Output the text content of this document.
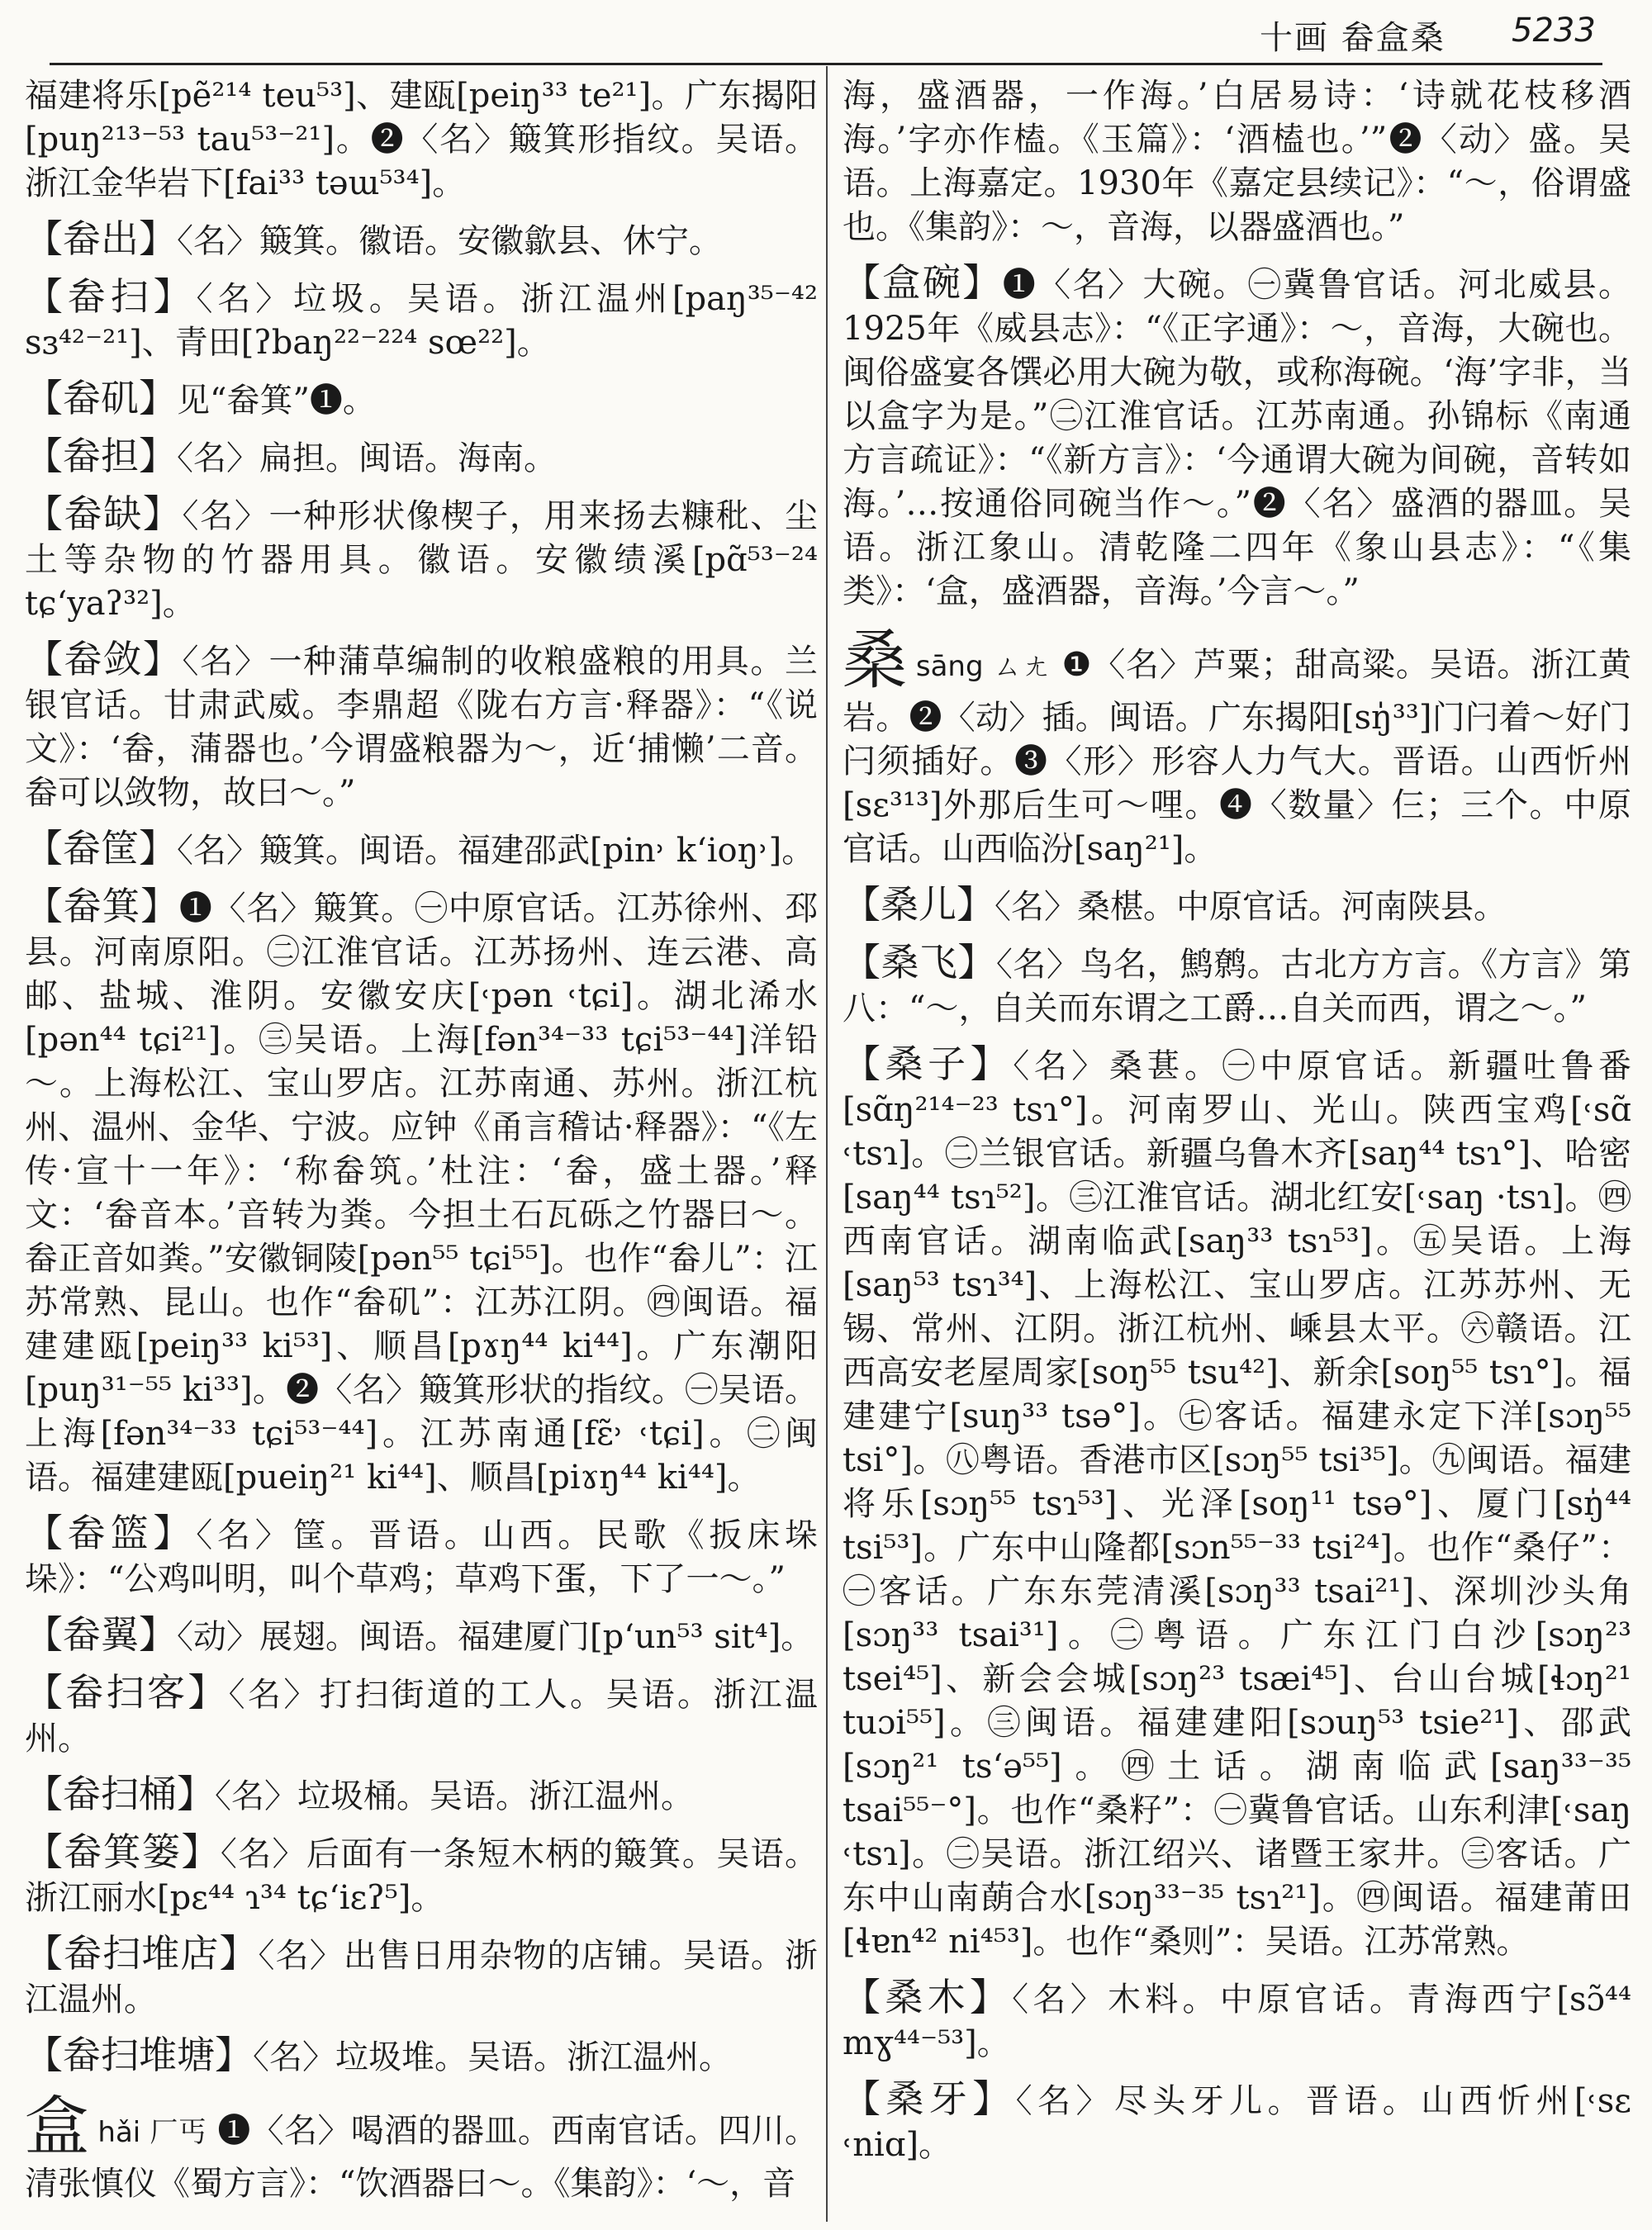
十画 畚盒桑 5233

福建将乐[pẽ²¹⁴ teu⁵³]、建瓯[peiŋ³³ te²¹]。广东揭阳[puŋ²¹³⁻⁵³ tau⁵³⁻²¹]。❷〈名〉簸箕形指纹。吴语。浙江金华岩下[fai³³ təɯ⁵³⁴]。

【畚出】〈名〉簸箕。徽语。安徽歙县、休宁。

【畚扫】〈名〉垃圾。吴语。浙江温州[paŋ³⁵⁻⁴² sɜ⁴²⁻²¹]、青田[ʔbaŋ²²⁻²²⁴ sœ²²]。

【畚矶】见“畚箕”❶。

【畚担】〈名〉扁担。闽语。海南。

【畚缺】〈名〉一种形状像楔子，用来扬去糠秕、尘土等杂物的竹器用具。徽语。安徽绩溪[pɑ̃⁵³⁻²⁴ tɕ‘yaʔ³²]。

【畚敛】〈名〉一种蒲草编制的收粮盛粮的用具。兰银官话。甘肃武威。李鼎超《陇右方言·释器》：“《说文》：‘畚，蒲器也。’今谓盛粮器为～，近‘捕懒’二音。畚可以敛物，故曰～。”

【畚筐】〈名〉簸箕。闽语。福建邵武[pin˒ k‘ioŋ˒]。

【畚箕】❶〈名〉簸箕。㊀中原官话。江苏徐州、邳县。河南原阳。㊁江淮官话。江苏扬州、连云港、高邮、盐城、淮阴。安徽安庆[˓pən ˓tɕi]。湖北浠水[pən⁴⁴ tɕi²¹]。㊂吴语。上海[fən³⁴⁻³³ tɕi⁵³⁻⁴⁴]洋铅～。上海松江、宝山罗店。江苏南通、苏州。浙江杭州、温州、金华、宁波。应钟《甬言稽诂·释器》：“《左传·宣十一年》：‘称畚筑。’杜注：‘畚，盛土器。’释文：‘畚音本。’音转为粪。今担土石瓦砾之竹器曰～。畚正音如粪。”安徽铜陵[pən⁵⁵ tɕi⁵⁵]。也作“畚儿”：江苏常熟、昆山。也作“畚矶”：江苏江阴。㊃闽语。福建建瓯[peiŋ³³ ki⁵³]、顺昌[pɤŋ⁴⁴ ki⁴⁴]。广东潮阳[puŋ³¹⁻⁵⁵ ki³³]。❷〈名〉簸箕形状的指纹。㊀吴语。上海[fən³⁴⁻³³ tɕi⁵³⁻⁴⁴]。江苏南通[fɛ̃˒ ˓tɕi]。㊁闽语。福建建瓯[pueiŋ²¹ ki⁴⁴]、顺昌[piɤŋ⁴⁴ ki⁴⁴]。

【畚篮】〈名〉筐。晋语。山西。民歌《扳床垛垛》：“公鸡叫明，叫个草鸡；草鸡下蛋，下了一～。”

【畚翼】〈动〉展翅。闽语。福建厦门[p‘un⁵³ sit⁴]。

【畚扫客】〈名〉打扫街道的工人。吴语。浙江温州。

【畚扫桶】〈名〉垃圾桶。吴语。浙江温州。

【畚箕篓】〈名〉后面有一条短木柄的簸箕。吴语。浙江丽水[pɛ⁴⁴ ɿ³⁴ tɕ‘iɛʔ⁵]。

【畚扫堆店】〈名〉出售日用杂物的店铺。吴语。浙江温州。

【畚扫堆塘】〈名〉垃圾堆。吴语。浙江温州。

盒hǎi 厂丐 ❶〈名〉喝酒的器皿。西南官话。四川。清张慎仪《蜀方言》：“饮酒器曰～。《集韵》：‘～，音

海，盛酒器，一作海。’白居易诗：‘诗就花枝移酒海。’字亦作榼。《玉篇》：‘酒榼也。’”❷〈动〉盛。吴语。上海嘉定。1930年《嘉定县续记》：“～，俗谓盛也。《集韵》：～，音海，以器盛酒也。”

【盒碗】❶〈名〉大碗。㊀冀鲁官话。河北威县。1925年《威县志》：“《正字通》：～，音海，大碗也。闽俗盛宴各馔必用大碗为敬，或称海碗。‘海’字非，当以盒字为是。”㊁江淮官话。江苏南通。孙锦标《南通方言疏证》：“《新方言》：‘今通谓大碗为间碗，音转如海。’…按通俗同碗当作～。”❷〈名〉盛酒的器皿。吴语。浙江象山。清乾隆二四年《象山县志》：“《集类》：‘盒，盛酒器，音海。’今言～。”

桑sāng ㄙㄤ ❶〈名〉芦粟；甜高粱。吴语。浙江黄岩。❷〈动〉插。闽语。广东揭阳[sŋ̍³³]门闩着～好门闩须插好。❸〈形〉形容人力气大。晋语。山西忻州[sɛ³¹³]外那后生可～哩。❹〈数量〉仨；三个。中原官话。山西临汾[saŋ²¹]。

【桑儿】〈名〉桑椹。中原官话。河南陕县。

【桑飞】〈名〉鸟名，鹪鹩。古北方方言。《方言》第八：“～，自关而东谓之工爵…自关而西，谓之～。”

【桑子】〈名〉桑葚。㊀中原官话。新疆吐鲁番[sɑ̃ŋ²¹⁴⁻²³ tsɿ°]。河南罗山、光山。陕西宝鸡[˓sɑ̃ ˓tsɿ]。㊁兰银官话。新疆乌鲁木齐[saŋ⁴⁴ tsɿ°]、哈密[saŋ⁴⁴ tsɿ⁵²]。㊂江淮官话。湖北红安[˓saŋ ·tsɿ]。㊃西南官话。湖南临武[saŋ³³ tsɿ⁵³]。㊄吴语。上海[saŋ⁵³ tsɿ³⁴]、上海松江、宝山罗店。江苏苏州、无锡、常州、江阴。浙江杭州、嵊县太平。㊅赣语。江西高安老屋周家[soŋ⁵⁵ tsu⁴²]、新余[soŋ⁵⁵ tsɿ°]。福建建宁[suŋ³³ tsə°]。㊆客话。福建永定下洋[sɔŋ⁵⁵ tsi°]。㊇粤语。香港市区[sɔŋ⁵⁵ tsi³⁵]。㊈闽语。福建将乐[sɔŋ⁵⁵ tsɿ⁵³]、光泽[soŋ¹¹ tsə°]、厦门[sŋ̍⁴⁴ tsi⁵³]。广东中山隆都[sɔn⁵⁵⁻³³ tsi²⁴]。也作“桑仔”：㊀客话。广东东莞清溪[sɔŋ³³ tsai²¹]、深圳沙头角[sɔŋ³³ tsai³¹]。㊁粤语。广东江门白沙[sɔŋ²³ tsei⁴⁵]、新会会城[sɔŋ²³ tsæi⁴⁵]、台山台城[ɬɔŋ²¹ tuɔi⁵⁵]。㊂闽语。福建建阳[sɔuŋ⁵³ tsie²¹]、邵武[sɔŋ²¹ ts‘ə⁵⁵]。㊃土话。湖南临武[saŋ³³⁻³⁵ tsai⁵⁵⁻°]。也作“桑籽”：㊀冀鲁官话。山东利津[˓saŋ ˓tsɿ]。㊁吴语。浙江绍兴、诸暨王家井。㊂客话。广东中山南蓢合水[sɔŋ³³⁻³⁵ tsɿ²¹]。㊃闽语。福建莆田[ɬɐn⁴² ni⁴⁵³]。也作“桑则”：吴语。江苏常熟。

【桑木】〈名〉木料。中原官话。青海西宁[sɔ̃⁴⁴ mɣ⁴⁴⁻⁵³]。

【桑牙】〈名〉尽头牙儿。晋语。山西忻州[˓sɛ ˓niɑ]。
